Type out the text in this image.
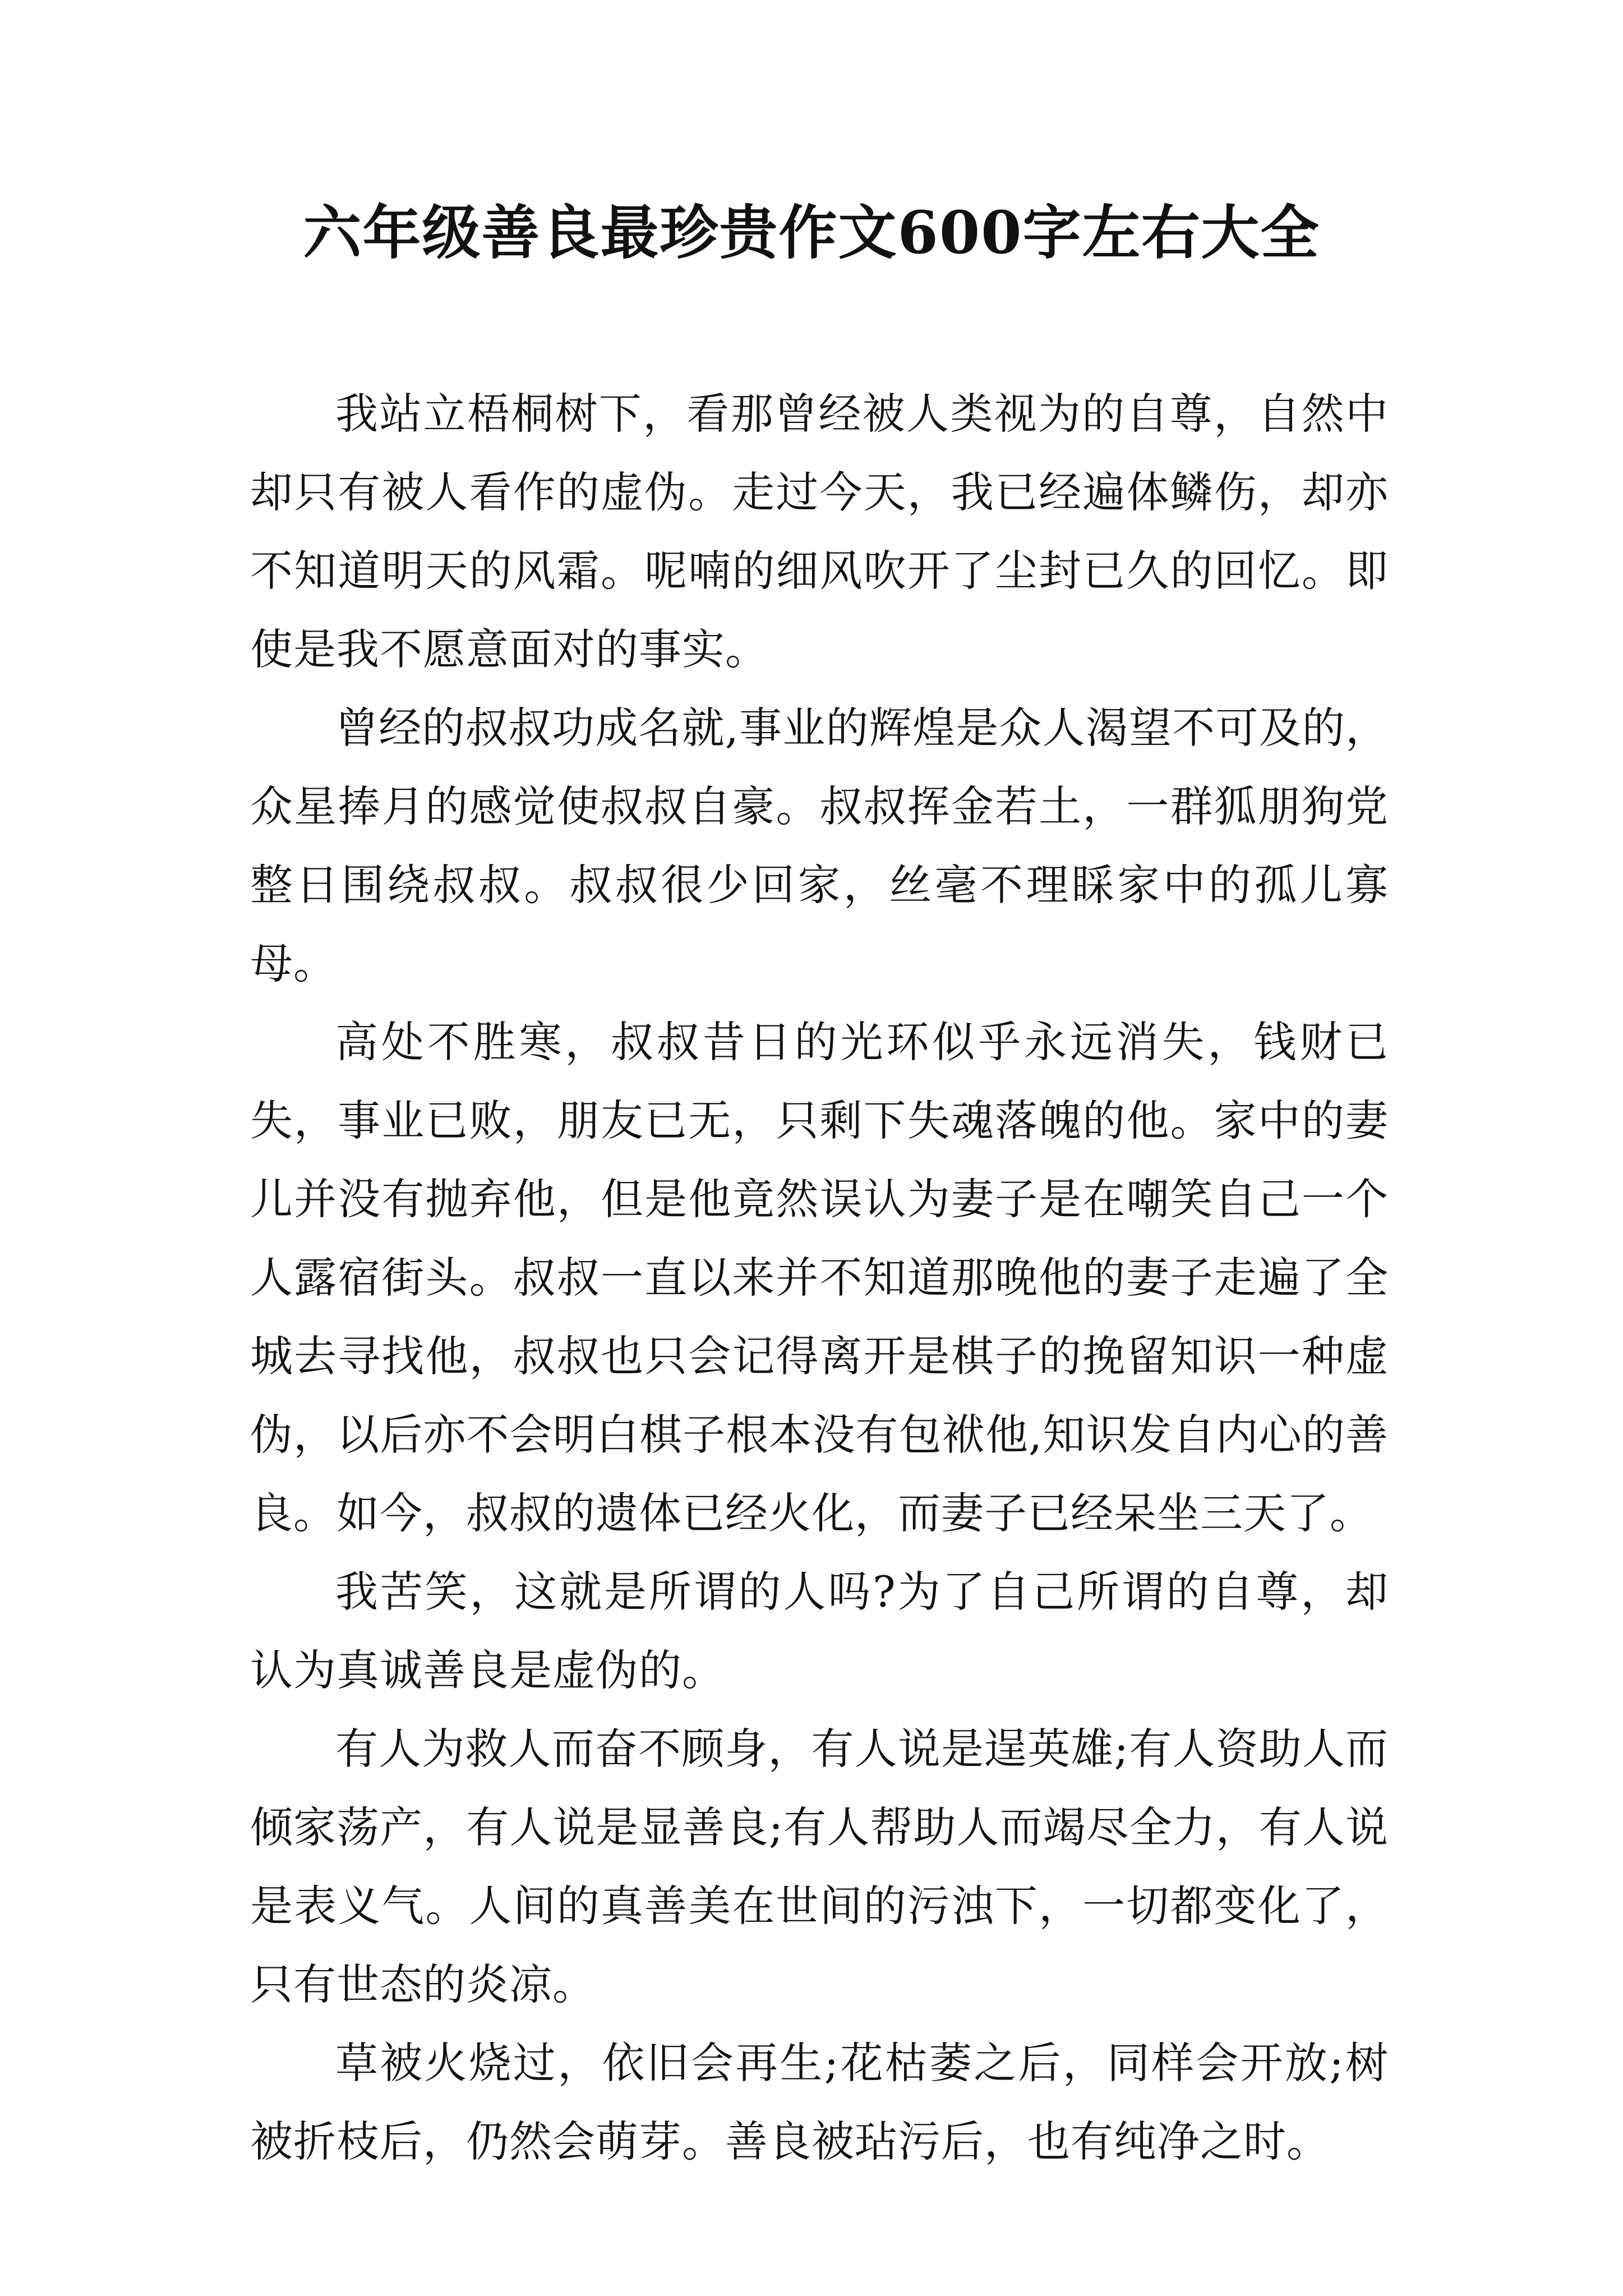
六年级善良最珍贵作文600字左右大全

我站立梧桐树下，看那曾经被人类视为的自尊，自然中却只有被人看作的虚伪。走过今天，我已经遍体鳞伤，却亦不知道明天的风霜。呢喃的细风吹开了尘封已久的回忆。即使是我不愿意面对的事实。

曾经的叔叔功成名就,事业的辉煌是众人渴望不可及的，众星捧月的感觉使叔叔自豪。叔叔挥金若土，一群狐朋狗党整日围绕叔叔。叔叔很少回家，丝毫不理睬家中的孤儿寡母。

高处不胜寒，叔叔昔日的光环似乎永远消失，钱财已失，事业已败，朋友已无，只剩下失魂落魄的他。家中的妻儿并没有抛弃他，但是他竟然误认为妻子是在嘲笑自己一个人露宿街头。叔叔一直以来并不知道那晚他的妻子走遍了全城去寻找他，叔叔也只会记得离开是棋子的挽留知识一种虚伪，以后亦不会明白棋子根本没有包袱他,知识发自内心的善良。如今，叔叔的遗体已经火化，而妻子已经呆坐三天了。

我苦笑，这就是所谓的人吗?为了自己所谓的自尊，却认为真诚善良是虚伪的。

有人为救人而奋不顾身，有人说是逞英雄;有人资助人而倾家荡产，有人说是显善良;有人帮助人而竭尽全力，有人说是表义气。人间的真善美在世间的污浊下，一切都变化了，只有世态的炎凉。

草被火烧过，依旧会再生;花枯萎之后，同样会开放;树被折枝后，仍然会萌芽。善良被玷污后，也有纯净之时。
